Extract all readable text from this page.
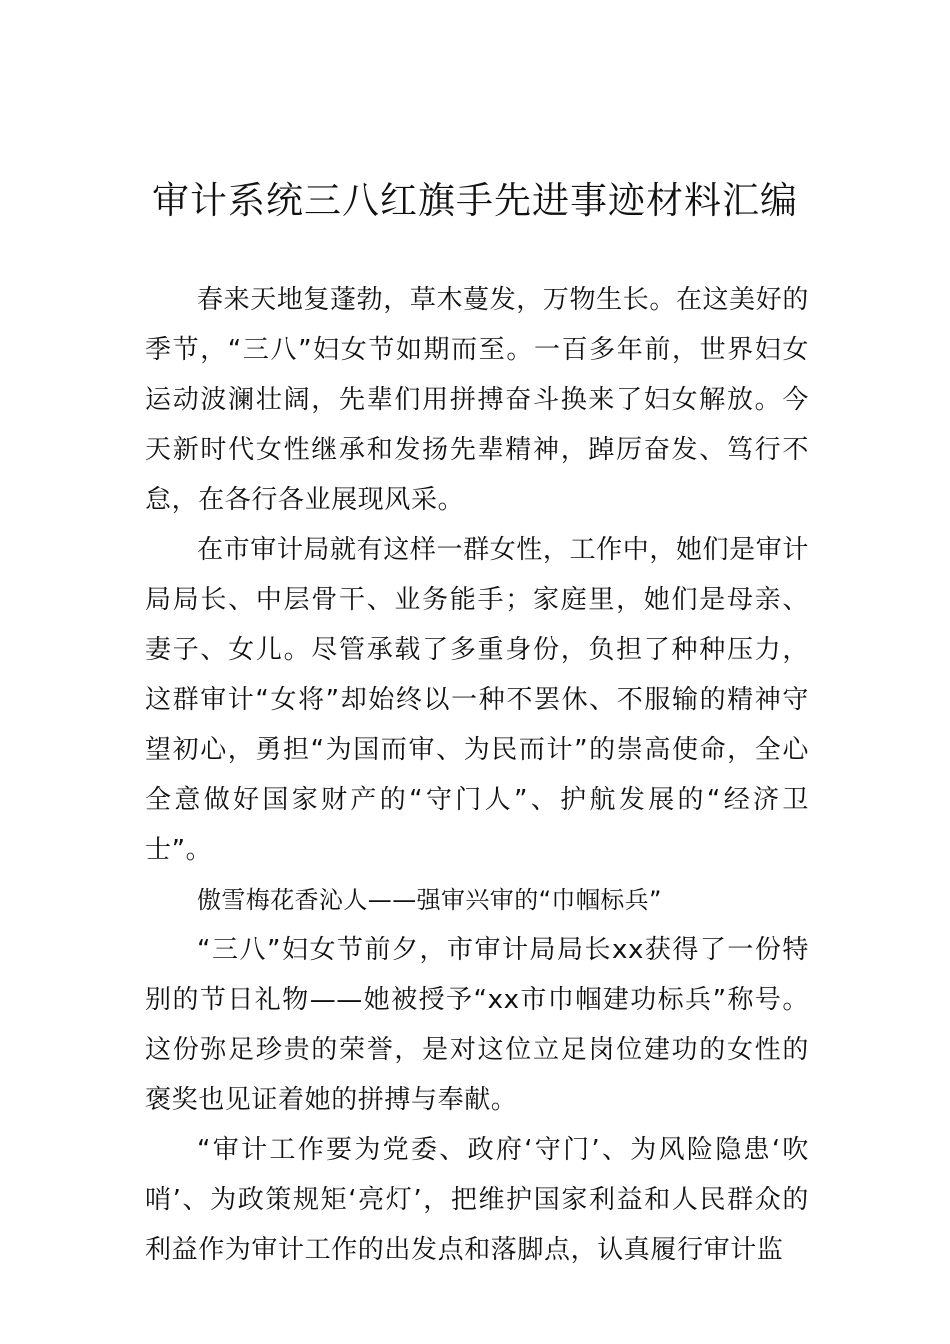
审计系统三八红旗手先进事迹材料汇编

春来天地复蓬勃，草木蔓发，万物生长。在这美好的季节，“三八”妇女节如期而至。一百多年前，世界妇女运动波澜壮阔，先辈们用拼搏奋斗换来了妇女解放。今天新时代女性继承和发扬先辈精神，踔厉奋发、笃行不怠，在各行各业展现风采。

在市审计局就有这样一群女性，工作中，她们是审计局局长、中层骨干、业务能手；家庭里，她们是母亲、妻子、女儿。尽管承载了多重身份，负担了种种压力，这群审计“女将”却始终以一种不罢休、不服输的精神守望初心，勇担“为国而审、为民而计”的崇高使命，全心全意做好国家财产的“守门人”、护航发展的“经济卫士”。

傲雪梅花香沁人——强审兴审的“巾帼标兵”

“三八”妇女节前夕，市审计局局长xx获得了一份特别的节日礼物——她被授予“xx市巾帼建功标兵”称号。这份弥足珍贵的荣誉，是对这位立足岗位建功的女性的褒奖也见证着她的拼搏与奉献。

“审计工作要为党委、政府‘守门’、为风险隐患‘吹哨’、为政策规矩‘亮灯’，把维护国家利益和人民群众的利益作为审计工作的出发点和落脚点，认真履行审计监
